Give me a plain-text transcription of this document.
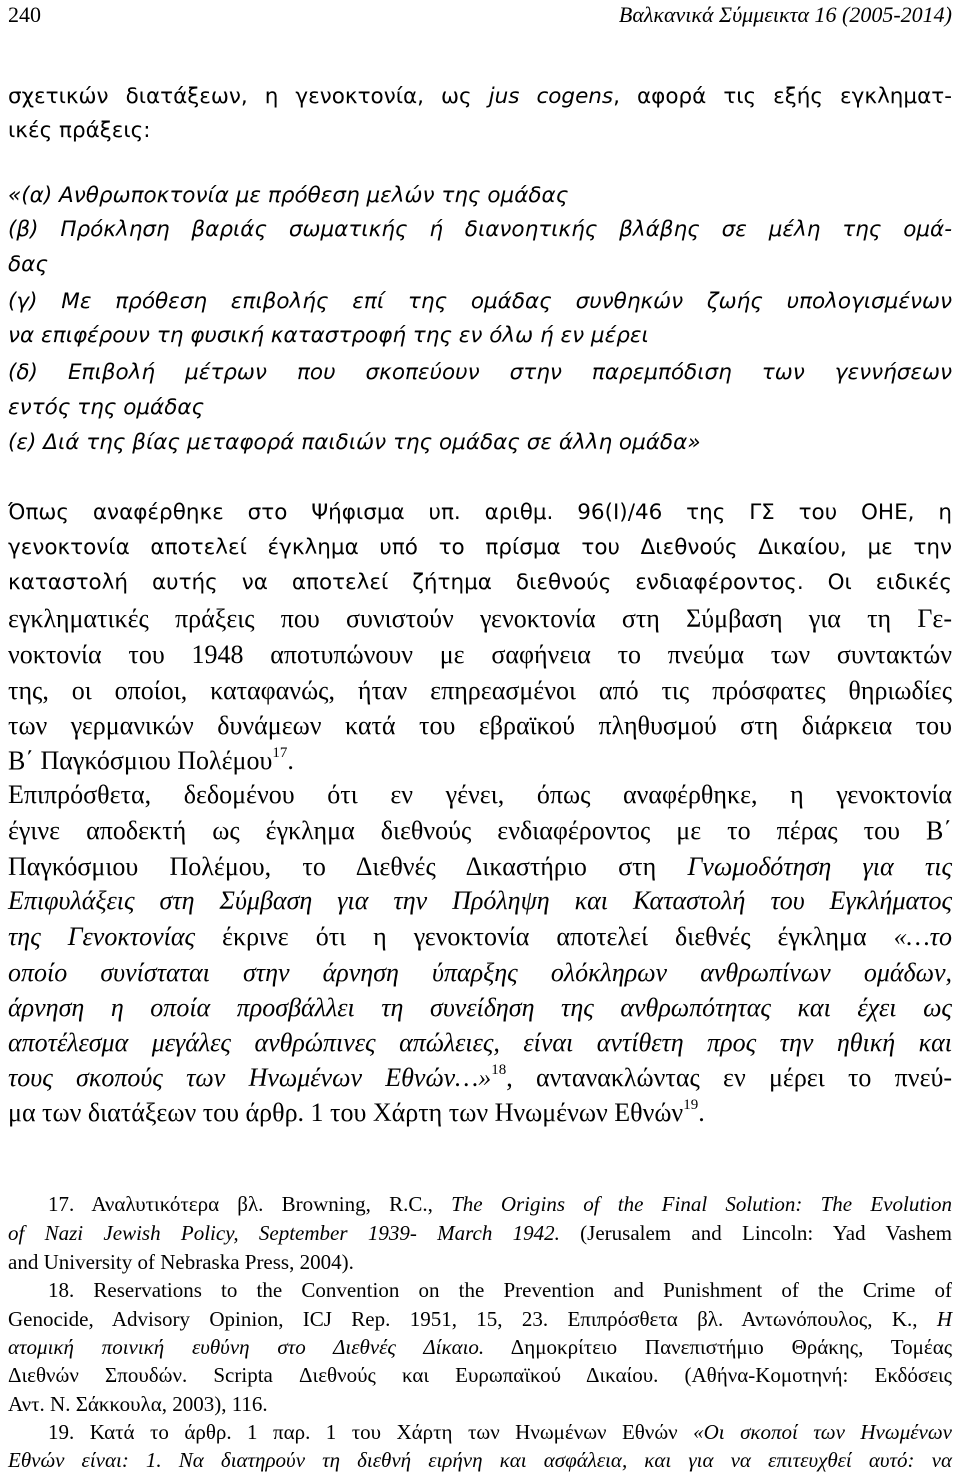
240	Βαλκανικά Σύμμεικτα 16 (2005-2014)
σχετικών διατάξεων, η γενοκτονία, ως jus cogens, αφορά τις εξής εγκληματ-
ικές πράξεις:
«(α) Ανθρωποκτονία με πρόθεση μελών της ομάδας
(β) Πρόκληση βαριάς σωματικής ή διανοητικής βλάβης σε μέλη της ομά-
δας
(γ) Με πρόθεση επιβολής επί της ομάδας συνθηκών ζωής υπολογισμένων
να επιφέρουν τη φυσική καταστροφή της εν όλω ή εν μέρει
(δ) Επιβολή μέτρων που σκοπεύουν στην παρεμπόδιση των γεννήσεων
εντός της ομάδας
(ε) Διά της βίας μεταφορά παιδιών της ομάδας σε άλλη ομάδα»
Όπως αναφέρθηκε στο Ψήφισμα υπ. αριθμ. 96(Ι)/46 της ΓΣ του ΟΗΕ, η
γενοκτονία αποτελεί έγκλημα υπό το πρίσμα του Διεθνούς Δικαίου, με την
καταστολή αυτής να αποτελεί ζήτημα διεθνούς ενδιαφέροντος. Οι ειδικές
εγκληματικές πράξεις που συνιστούν γενοκτονία στη Σύμβαση για τη Γε-
νοκτονία του 1948 αποτυπώνουν με σαφήνεια το πνεύμα των συντακτών
της, οι οποίοι, καταφανώς, ήταν επηρεασμένοι από τις πρόσφατες θηριωδίες
των γερμανικών δυνάμεων κατά του εβραϊκού πληθυσμού στη διάρκεια του
Β΄ Παγκόσμιου Πολέμου$^{17}$.
Επιπρόσθετα, δεδομένου ότι εν γένει, όπως αναφέρθηκε, η γενοκτονία
έγινε αποδεκτή ως έγκλημα διεθνούς ενδιαφέροντος με το πέρας του Β΄
Παγκόσμιου Πολέμου, το Διεθνές Δικαστήριο στη Γνωμοδότηση για τις
Επιφυλάξεις στη Σύμβαση για την Πρόληψη και Καταστολή του Εγκλήματος
της Γενοκτονίας έκρινε ότι η γενοκτονία αποτελεί διεθνές έγκλημα «…το
οποίο συνίσταται στην άρνηση ύπαρξης ολόκληρων ανθρωπίνων ομάδων,
άρνηση η οποία προσβάλλει τη συνείδηση της ανθρωπότητας και έχει ως
αποτέλεσμα μεγάλες ανθρώπινες απώλειες, είναι αντίθετη προς την ηθική και
τους σκοπούς των Ηνωμένων Εθνών…»$^{18}$, αντανακλώντας εν μέρει το πνεύ-
μα των διατάξεων του άρθρ. 1 του Χάρτη των Ηνωμένων Εθνών$^{19}$.
17. Αναλυτικότερα βλ. Browning, R.C., The Origins of the Final Solution: The Evolution
of Nazi Jewish Policy, September 1939- March 1942. (Jerusalem and Lincoln: Yad Vashem
and University of Nebraska Press, 2004).
18. Reservations to the Convention on the Prevention and Punishment of the Crime of
Genocide, Advisory Opinion, ICJ Rep. 1951, 15, 23. Επιπρόσθετα βλ. Αντωνόπουλος, Κ., Η
ατομική ποινική ευθύνη στο Διεθνές Δίκαιο. Δημοκρίτειο Πανεπιστήμιο Θράκης, Τομέας
Διεθνών Σπουδών. Scripta Διεθνούς και Ευρωπαϊκού Δικαίου. (Αθήνα-Κομοτηνή: Εκδόσεις
Αντ. Ν. Σάκκουλα, 2003), 116.
19. Κατά το άρθρ. 1 παρ. 1 του Χάρτη των Ηνωμένων Εθνών «Οι σκοποί των Ηνωμένων
Εθνών είναι: 1. Να διατηρούν τη διεθνή ειρήνη και ασφάλεια, και για να επιτευχθεί αυτό: να
